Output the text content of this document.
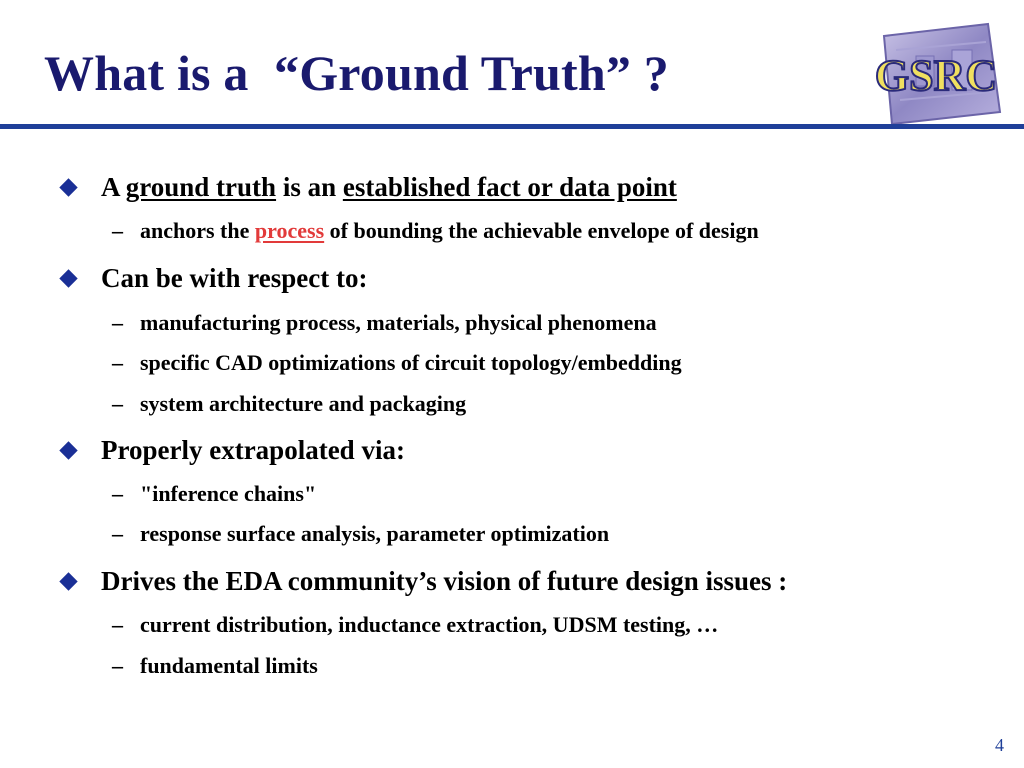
What is a  “Ground Truth” ?	GSRC
A ground truth is an established fact or data point
– anchors the process of bounding the achievable envelope of design
Can be with respect to:
– manufacturing process, materials, physical phenomena
– specific CAD optimizations of circuit topology/embedding
– system architecture and packaging
Properly extrapolated via:
– "inference chains"
– response surface analysis, parameter optimization
Drives the EDA community’s vision of future design issues :
– current distribution, inductance extraction, UDSM testing, …
– fundamental limits
4
